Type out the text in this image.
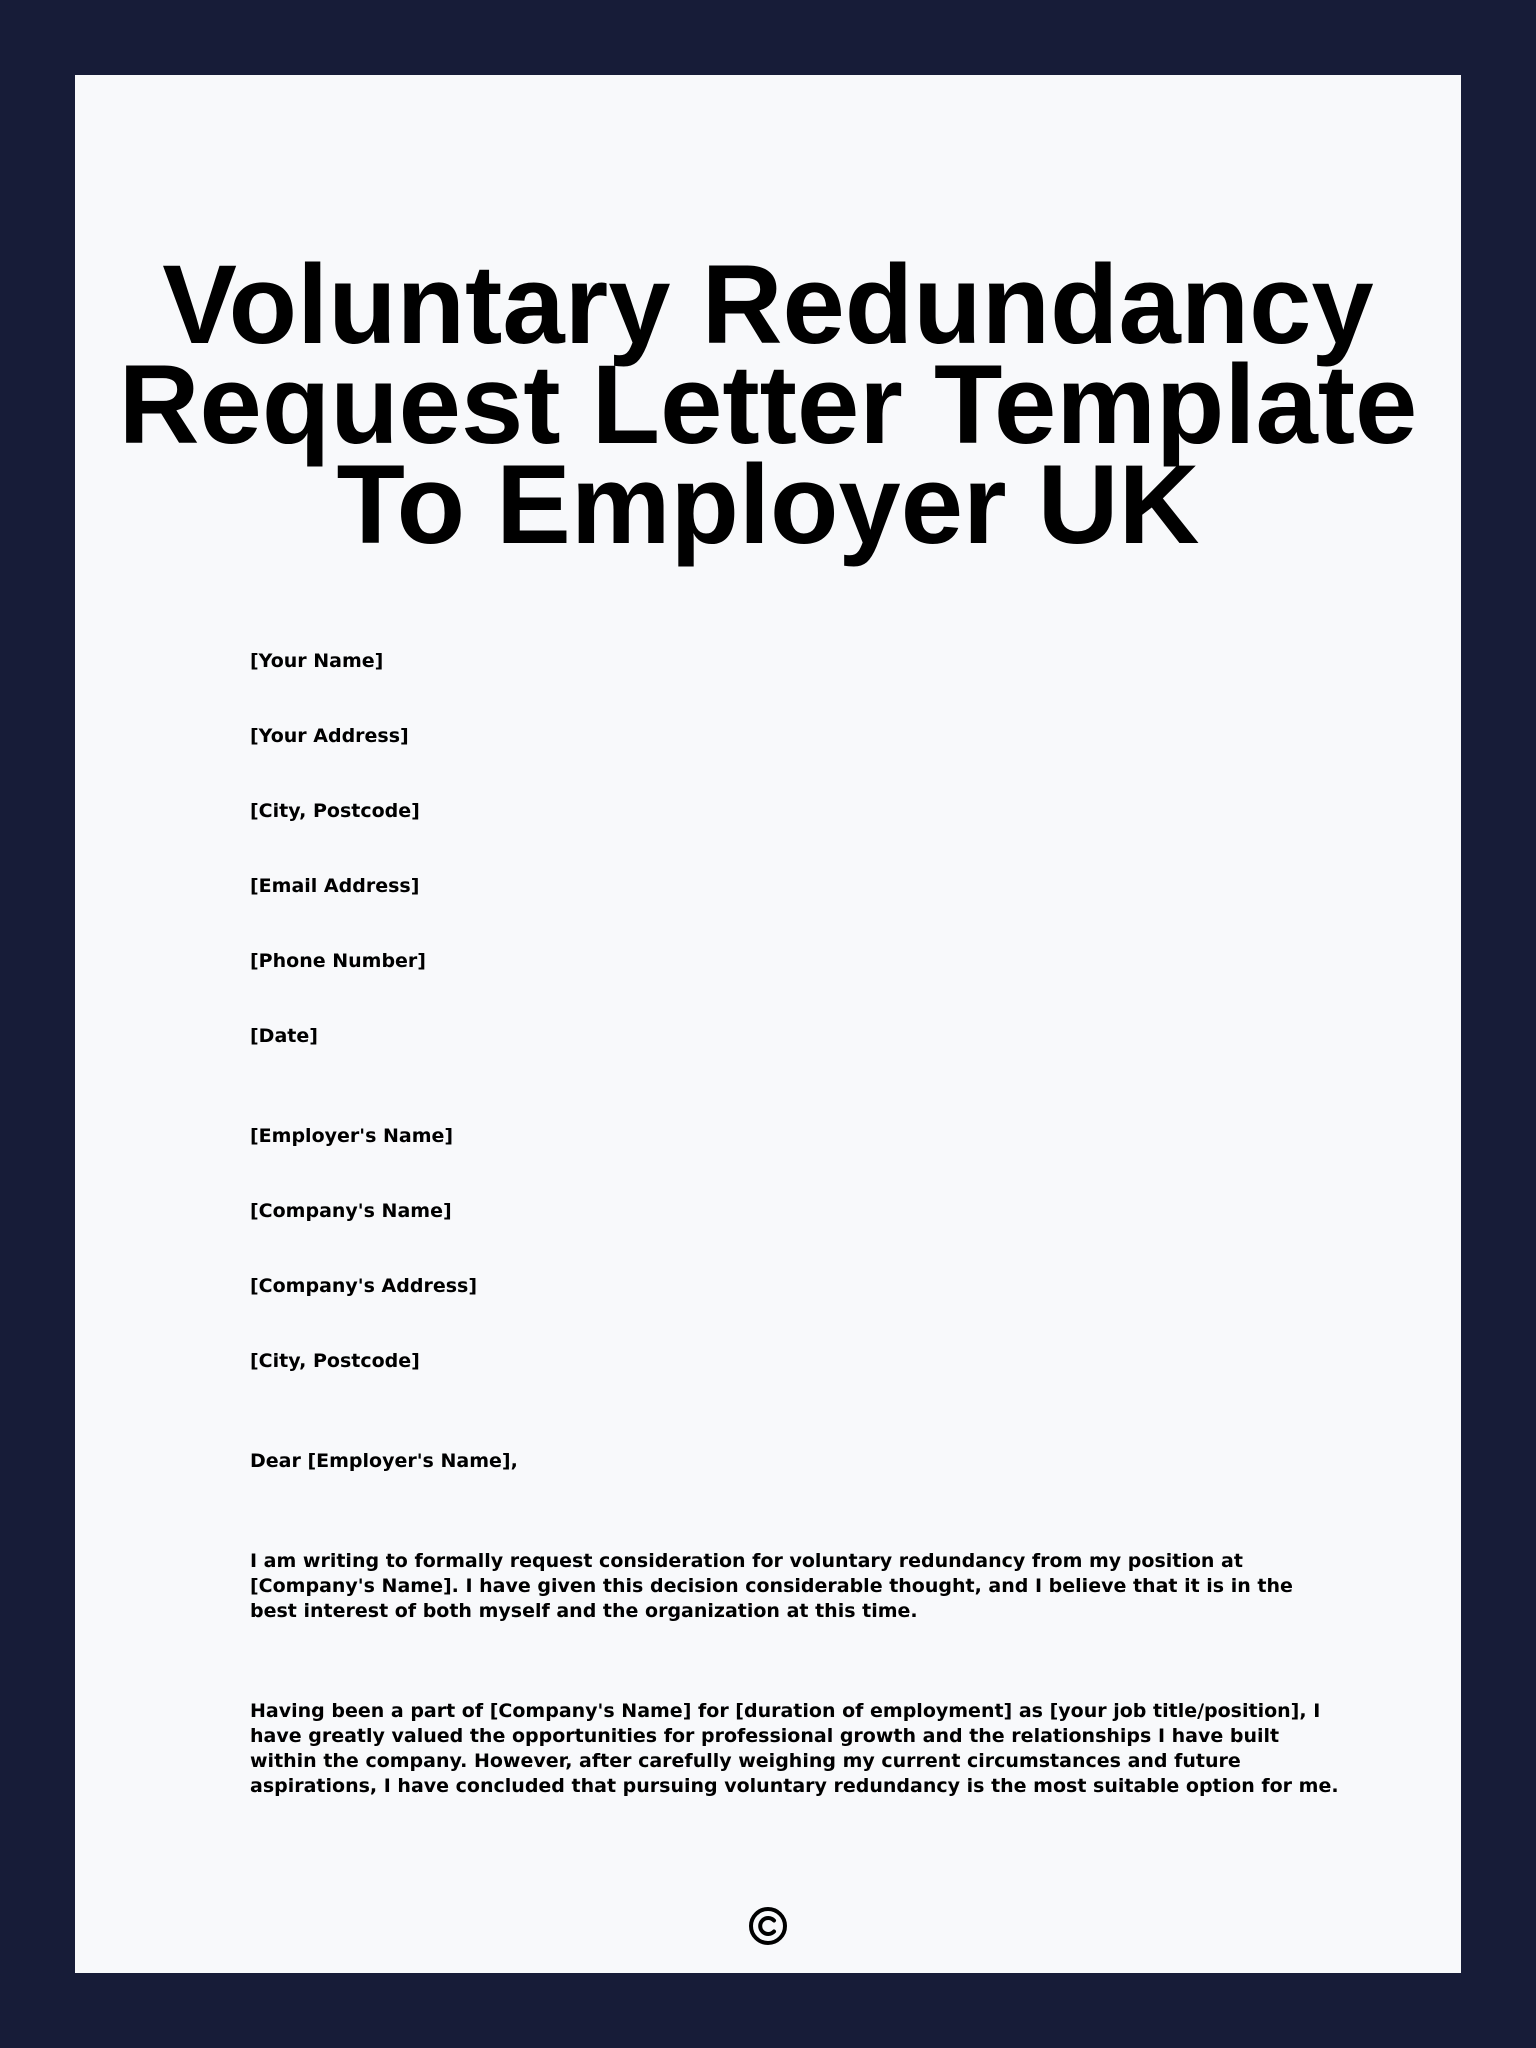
Voluntary Redundancy Request Letter Template To Employer UK
[Your Name]
[Your Address]
[City, Postcode]
[Email Address]
[Phone Number]
[Date]
[Employer's Name]
[Company's Name]
[Company's Address]
[City, Postcode]
Dear [Employer's Name],

I am writing to formally request consideration for voluntary redundancy from my position at [Company's Name]. I have given this decision considerable thought, and I believe that it is in the best interest of both myself and the organization at this time.

Having been a part of [Company's Name] for [duration of employment] as [your job title/position], I have greatly valued the opportunities for professional growth and the relationships I have built within the company. However, after carefully weighing my current circumstances and future aspirations, I have concluded that pursuing voluntary redundancy is the most suitable option for me.
